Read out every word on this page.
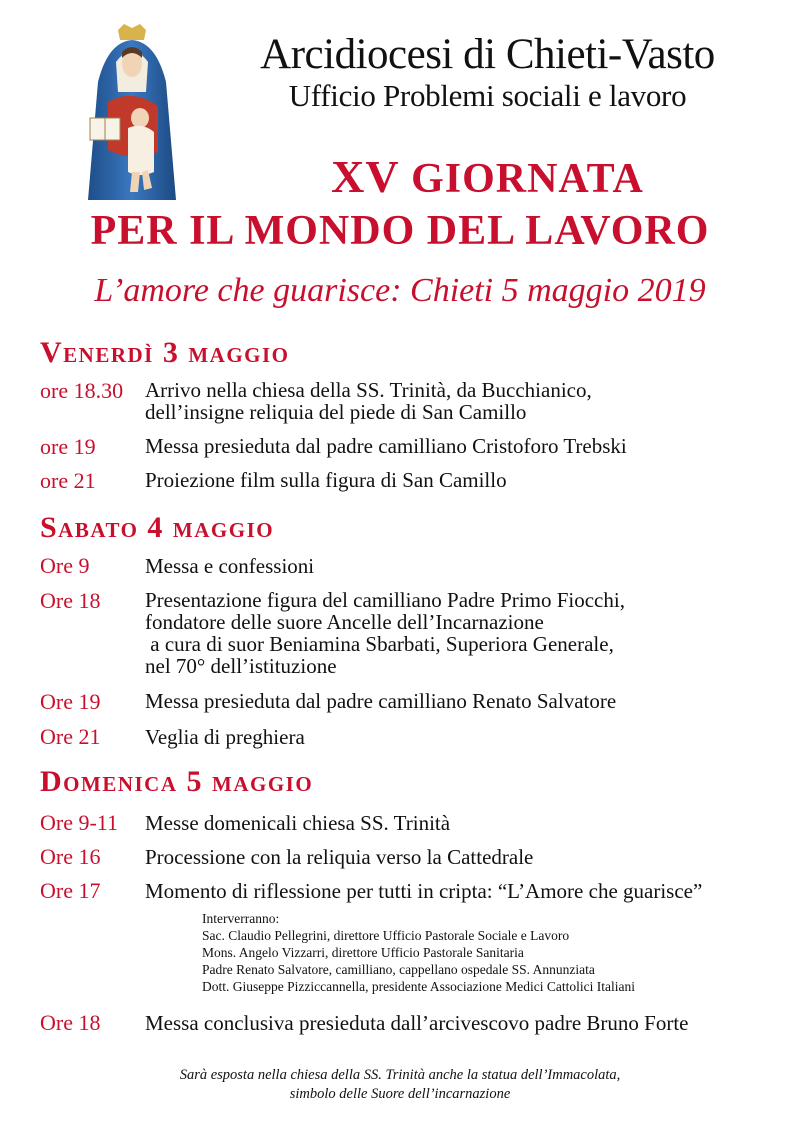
Arcidiocesi di Chieti-Vasto
Ufficio Problemi sociali e lavoro
XV GIORNATA
PER IL MONDO DEL LAVORO
L’amore che guarisce: Chieti 5 maggio 2019
Venerdì 3 maggio
ore 18.30 Arrivo nella chiesa della SS. Trinità, da Bucchianico,
dell’insigne reliquia del piede di San Camillo
ore 19 Messa presieduta dal padre camilliano Cristoforo Trebski
ore 21 Proiezione film sulla figura di San Camillo
Sabato 4 maggio
Ore 9	Messa e confessioni
Ore 18 Presentazione figura del camilliano Padre Primo Fiocchi,
fondatore delle suore Ancelle dell’Incarnazione
a cura di suor Beniamina Sbarbati, Superiora Generale,
nel 70° dell’istituzione
Ore 19 Messa presieduta dal padre camilliano Renato Salvatore
Ore 21 Veglia di preghiera
Domenica 5 maggio
Ore 9-11 Messe domenicali chiesa SS. Trinità
Ore 16 Processione con la reliquia verso la Cattedrale
Ore 17 Momento di riflessione per tutti in cripta: “L’Amore che guarisce”
Interverranno:
Sac. Claudio Pellegrini, direttore Ufficio Pastorale Sociale e Lavoro
Mons. Angelo Vizzarri, direttore Ufficio Pastorale Sanitaria
Padre Renato Salvatore, camilliano, cappellano ospedale SS. Annunziata
Dott. Giuseppe Pizziccannella, presidente Associazione Medici Cattolici Italiani
Ore 18 Messa conclusiva presieduta dall’arcivescovo padre Bruno Forte
Sarà esposta nella chiesa della SS. Trinità anche la statua dell’Immacolata,
simbolo delle Suore dell’incarnazione
